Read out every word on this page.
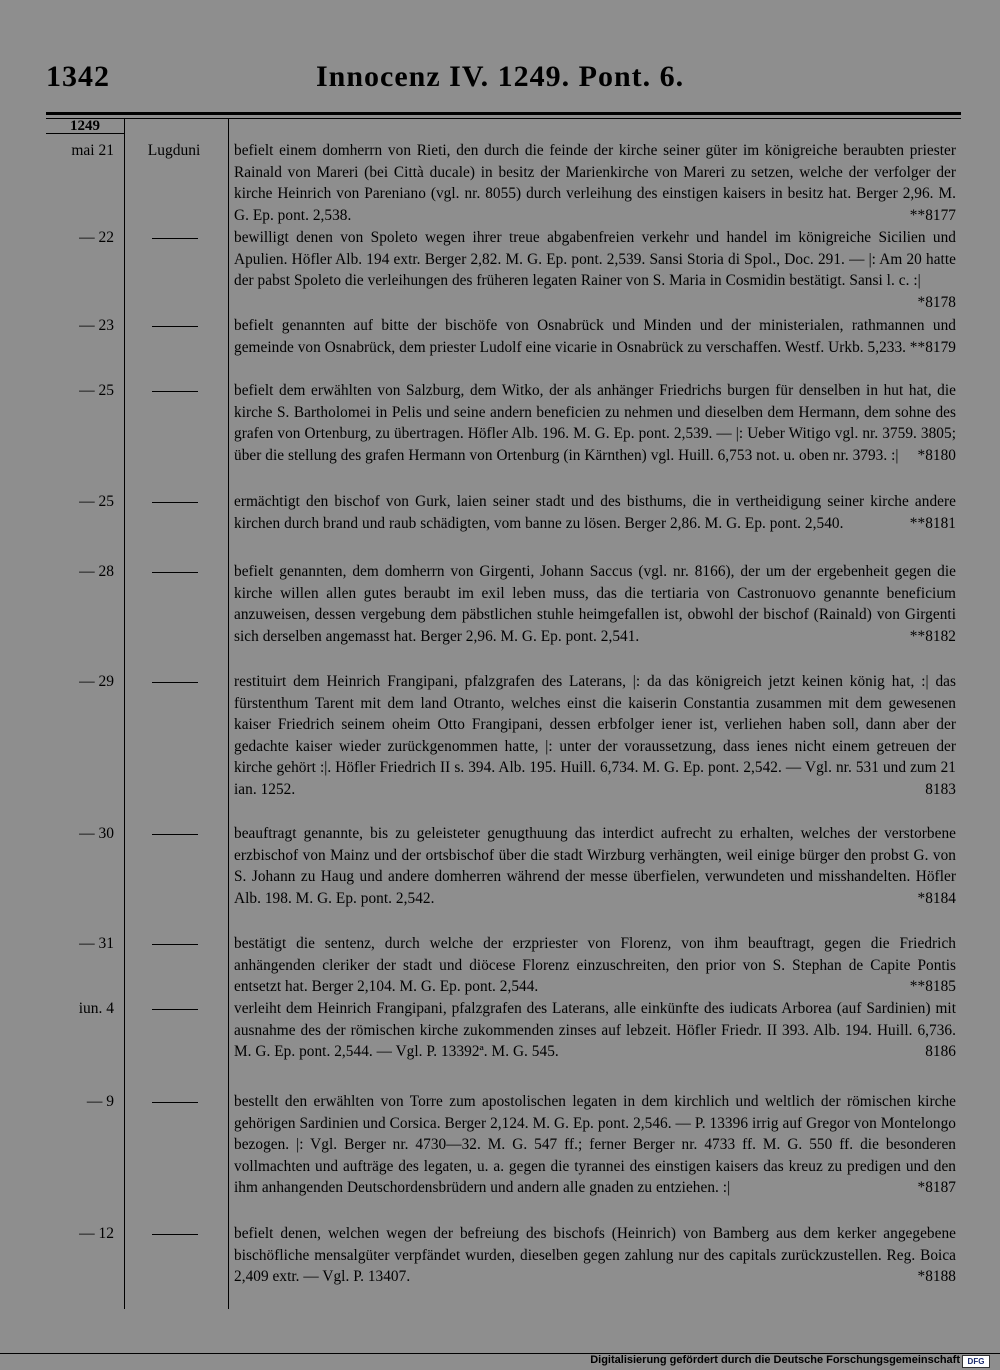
1342	Innocenz IV. 1249. Pont. 6.
1249
mai 21	Lugduni	befielt einem domherrn von Rieti, den durch die feinde der kirche seiner güter im königreiche beraubten priester Rainald von Mareri (bei Città ducale) in besitz der Marienkirche von Mareri zu setzen, welche der verfolger der kirche Heinrich von Pareniano (vgl. nr. 8055) durch verleihung des einstigen kaisers in besitz hat. Berger 2,96. M. G. Ep. pont. 2,538.	**8177
— 22	bewilligt denen von Spoleto wegen ihrer treue abgabenfreien verkehr und handel im königreiche Sicilien und Apulien. Höfler Alb. 194 extr. Berger 2,82. M. G. Ep. pont. 2,539. Sansi Storia di Spol., Doc. 291. — |: Am 20 hatte der pabst Spoleto die verleihungen des früheren legaten Rainer von S. Maria in Cosmidin bestätigt. Sansi l. c. :|
*8178
— 23	befielt genannten auf bitte der bischöfe von Osnabrück und Minden und der ministerialen, rathmannen und gemeinde von Osnabrück, dem priester Ludolf eine vicarie in Osnabrück zu verschaffen. Westf. Urkb. 5,233. **8179
— 25	befielt dem erwählten von Salzburg, dem Witko, der als anhänger Friedrichs burgen für denselben in hut hat, die kirche S. Bartholomei in Pelis und seine andern beneficien zu nehmen und dieselben dem Hermann, dem sohne des grafen von Ortenburg, zu übertragen. Höfler Alb. 196. M. G. Ep. pont. 2,539. — |: Ueber Witigo vgl. nr. 3759. 3805; über die stellung des grafen Hermann von Ortenburg (in Kärnthen) vgl. Huill. 6,753 not. u. oben nr. 3793. :| *8180
— 25	ermächtigt den bischof von Gurk, laien seiner stadt und des bisthums, die in vertheidigung seiner kirche andere kirchen durch brand und raub schädigten, vom banne zu lösen. Berger 2,86. M. G. Ep. pont. 2,540.	**8181
— 28	befielt genannten, dem domherrn von Girgenti, Johann Saccus (vgl. nr. 8166), der um der ergebenheit gegen die kirche willen allen gutes beraubt im exil leben muss, das die tertiaria von Castronuovo genannte beneficium anzuweisen, dessen vergebung dem päbstlichen stuhle heimgefallen ist, obwohl der bischof (Rainald) von Girgenti sich derselben angemasst hat. Berger 2,96. M. G. Ep. pont. 2,541.	**8182
— 29	restituirt dem Heinrich Frangipani, pfalzgrafen des Laterans, |: da das königreich jetzt keinen könig hat, :| das fürstenthum Tarent mit dem land Otranto, welches einst die kaiserin Constantia zusammen mit dem gewesenen kaiser Friedrich seinem oheim Otto Frangipani, dessen erbfolger iener ist, verliehen haben soll, dann aber der gedachte kaiser wieder zurückgenommen hatte, |: unter der voraussetzung, dass ienes nicht einem getreuen der kirche gehört :|. Höfler Friedrich II s. 394. Alb. 195. Huill. 6,734. M. G. Ep. pont. 2,542. — Vgl. nr. 531 und zum 21 ian. 1252.	8183
— 30	beauftragt genannte, bis zu geleisteter genugthuung das interdict aufrecht zu erhalten, welches der verstorbene erzbischof von Mainz und der ortsbischof über die stadt Wirzburg verhängten, weil einige bürger den probst G. von S. Johann zu Haug und andere domherren während der messe überfielen, verwundeten und misshandelten. Höfler Alb. 198. M. G. Ep. pont. 2,542.	*8184
— 31	bestätigt die sentenz, durch welche der erzpriester von Florenz, von ihm beauftragt, gegen die Friedrich anhängenden cleriker der stadt und diöcese Florenz einzuschreiten, den prior von S. Stephan de Capite Pontis entsetzt hat. Berger 2,104. M. G. Ep. pont. 2,544.	**8185
iun. 4	verleiht dem Heinrich Frangipani, pfalzgrafen des Laterans, alle einkünfte des iudicats Arborea (auf Sardinien) mit ausnahme des der römischen kirche zukommenden zinses auf lebzeit. Höfler Friedr. II 393. Alb. 194. Huill. 6,736. M. G. Ep. pont. 2,544. — Vgl. P. 13392ª. M. G. 545.	8186
— 9	bestellt den erwählten von Torre zum apostolischen legaten in dem kirchlich und weltlich der römischen kirche gehörigen Sardinien und Corsica. Berger 2,124. M. G. Ep. pont. 2,546. — P. 13396 irrig auf Gregor von Montelongo bezogen. |: Vgl. Berger nr. 4730—32. M. G. 547 ff.; ferner Berger nr. 4733 ff. M. G. 550 ff. die besonderen vollmachten und aufträge des legaten, u. a. gegen die tyrannei des einstigen kaisers das kreuz zu predigen und den ihm anhangenden Deutschordensbrüdern und andern alle gnaden zu entziehen. :|	*8187
— 12	befielt denen, welchen wegen der befreiung des bischofs (Heinrich) von Bamberg aus dem kerker angegebene bischöfliche mensalgüter verpfändet wurden, dieselben gegen zahlung nur des capitals zurückzustellen. Reg. Boica 2,409 extr. — Vgl. P. 13407.	*8188
Digitalisierung gefördert durch die Deutsche Forschungsgemeinschaft DFG
